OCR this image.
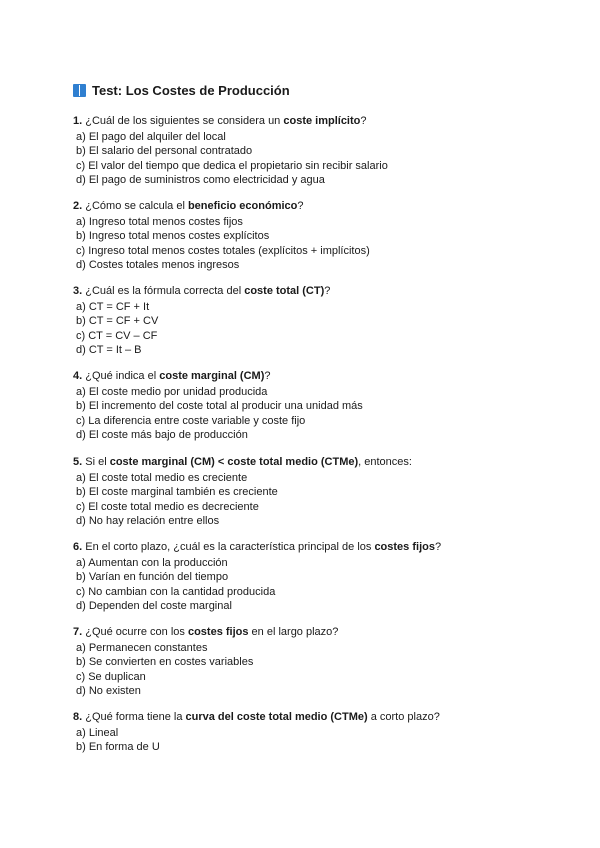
Test: Los Costes de Producción
1. ¿Cuál de los siguientes se considera un coste implícito?
a) El pago del alquiler del local
b) El salario del personal contratado
c) El valor del tiempo que dedica el propietario sin recibir salario
d) El pago de suministros como electricidad y agua
2. ¿Cómo se calcula el beneficio económico?
a) Ingreso total menos costes fijos
b) Ingreso total menos costes explícitos
c) Ingreso total menos costes totales (explícitos + implícitos)
d) Costes totales menos ingresos
3. ¿Cuál es la fórmula correcta del coste total (CT)?
a) CT = CF + It
b) CT = CF + CV
c) CT = CV – CF
d) CT = It – B
4. ¿Qué indica el coste marginal (CM)?
a) El coste medio por unidad producida
b) El incremento del coste total al producir una unidad más
c) La diferencia entre coste variable y coste fijo
d) El coste más bajo de producción
5. Si el coste marginal (CM) < coste total medio (CTMe), entonces:
a) El coste total medio es creciente
b) El coste marginal también es creciente
c) El coste total medio es decreciente
d) No hay relación entre ellos
6. En el corto plazo, ¿cuál es la característica principal de los costes fijos?
a) Aumentan con la producción
b) Varían en función del tiempo
c) No cambian con la cantidad producida
d) Dependen del coste marginal
7. ¿Qué ocurre con los costes fijos en el largo plazo?
a) Permanecen constantes
b) Se convierten en costes variables
c) Se duplican
d) No existen
8. ¿Qué forma tiene la curva del coste total medio (CTMe) a corto plazo?
a) Lineal
b) En forma de U
